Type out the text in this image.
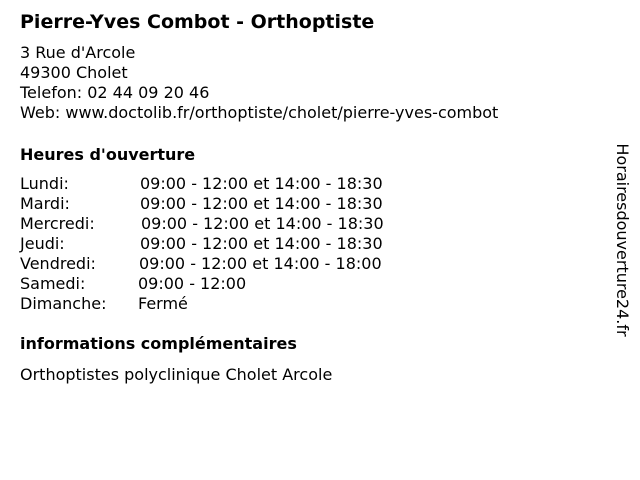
Pierre-Yves Combot - Orthoptiste
3 Rue d'Arcole
49300 Cholet
Telefon: 02 44 09 20 46
Web: www.doctolib.fr/orthoptiste/cholet/pierre-yves-combot
Heures d'ouverture
Lundi:	09:00 - 12:00 et 14:00 - 18:30
Mardi:	09:00 - 12:00 et 14:00 - 18:30
Mercredi:	09:00 - 12:00 et 14:00 - 18:30
Jeudi:	09:00 - 12:00 et 14:00 - 18:30
Vendredi:	09:00 - 12:00 et 14:00 - 18:00
Samedi:	09:00 - 12:00
Dimanche: Fermé
informations complémentaires
Orthoptistes polyclinique Cholet Arcole
Horairesdouverture24.fr
